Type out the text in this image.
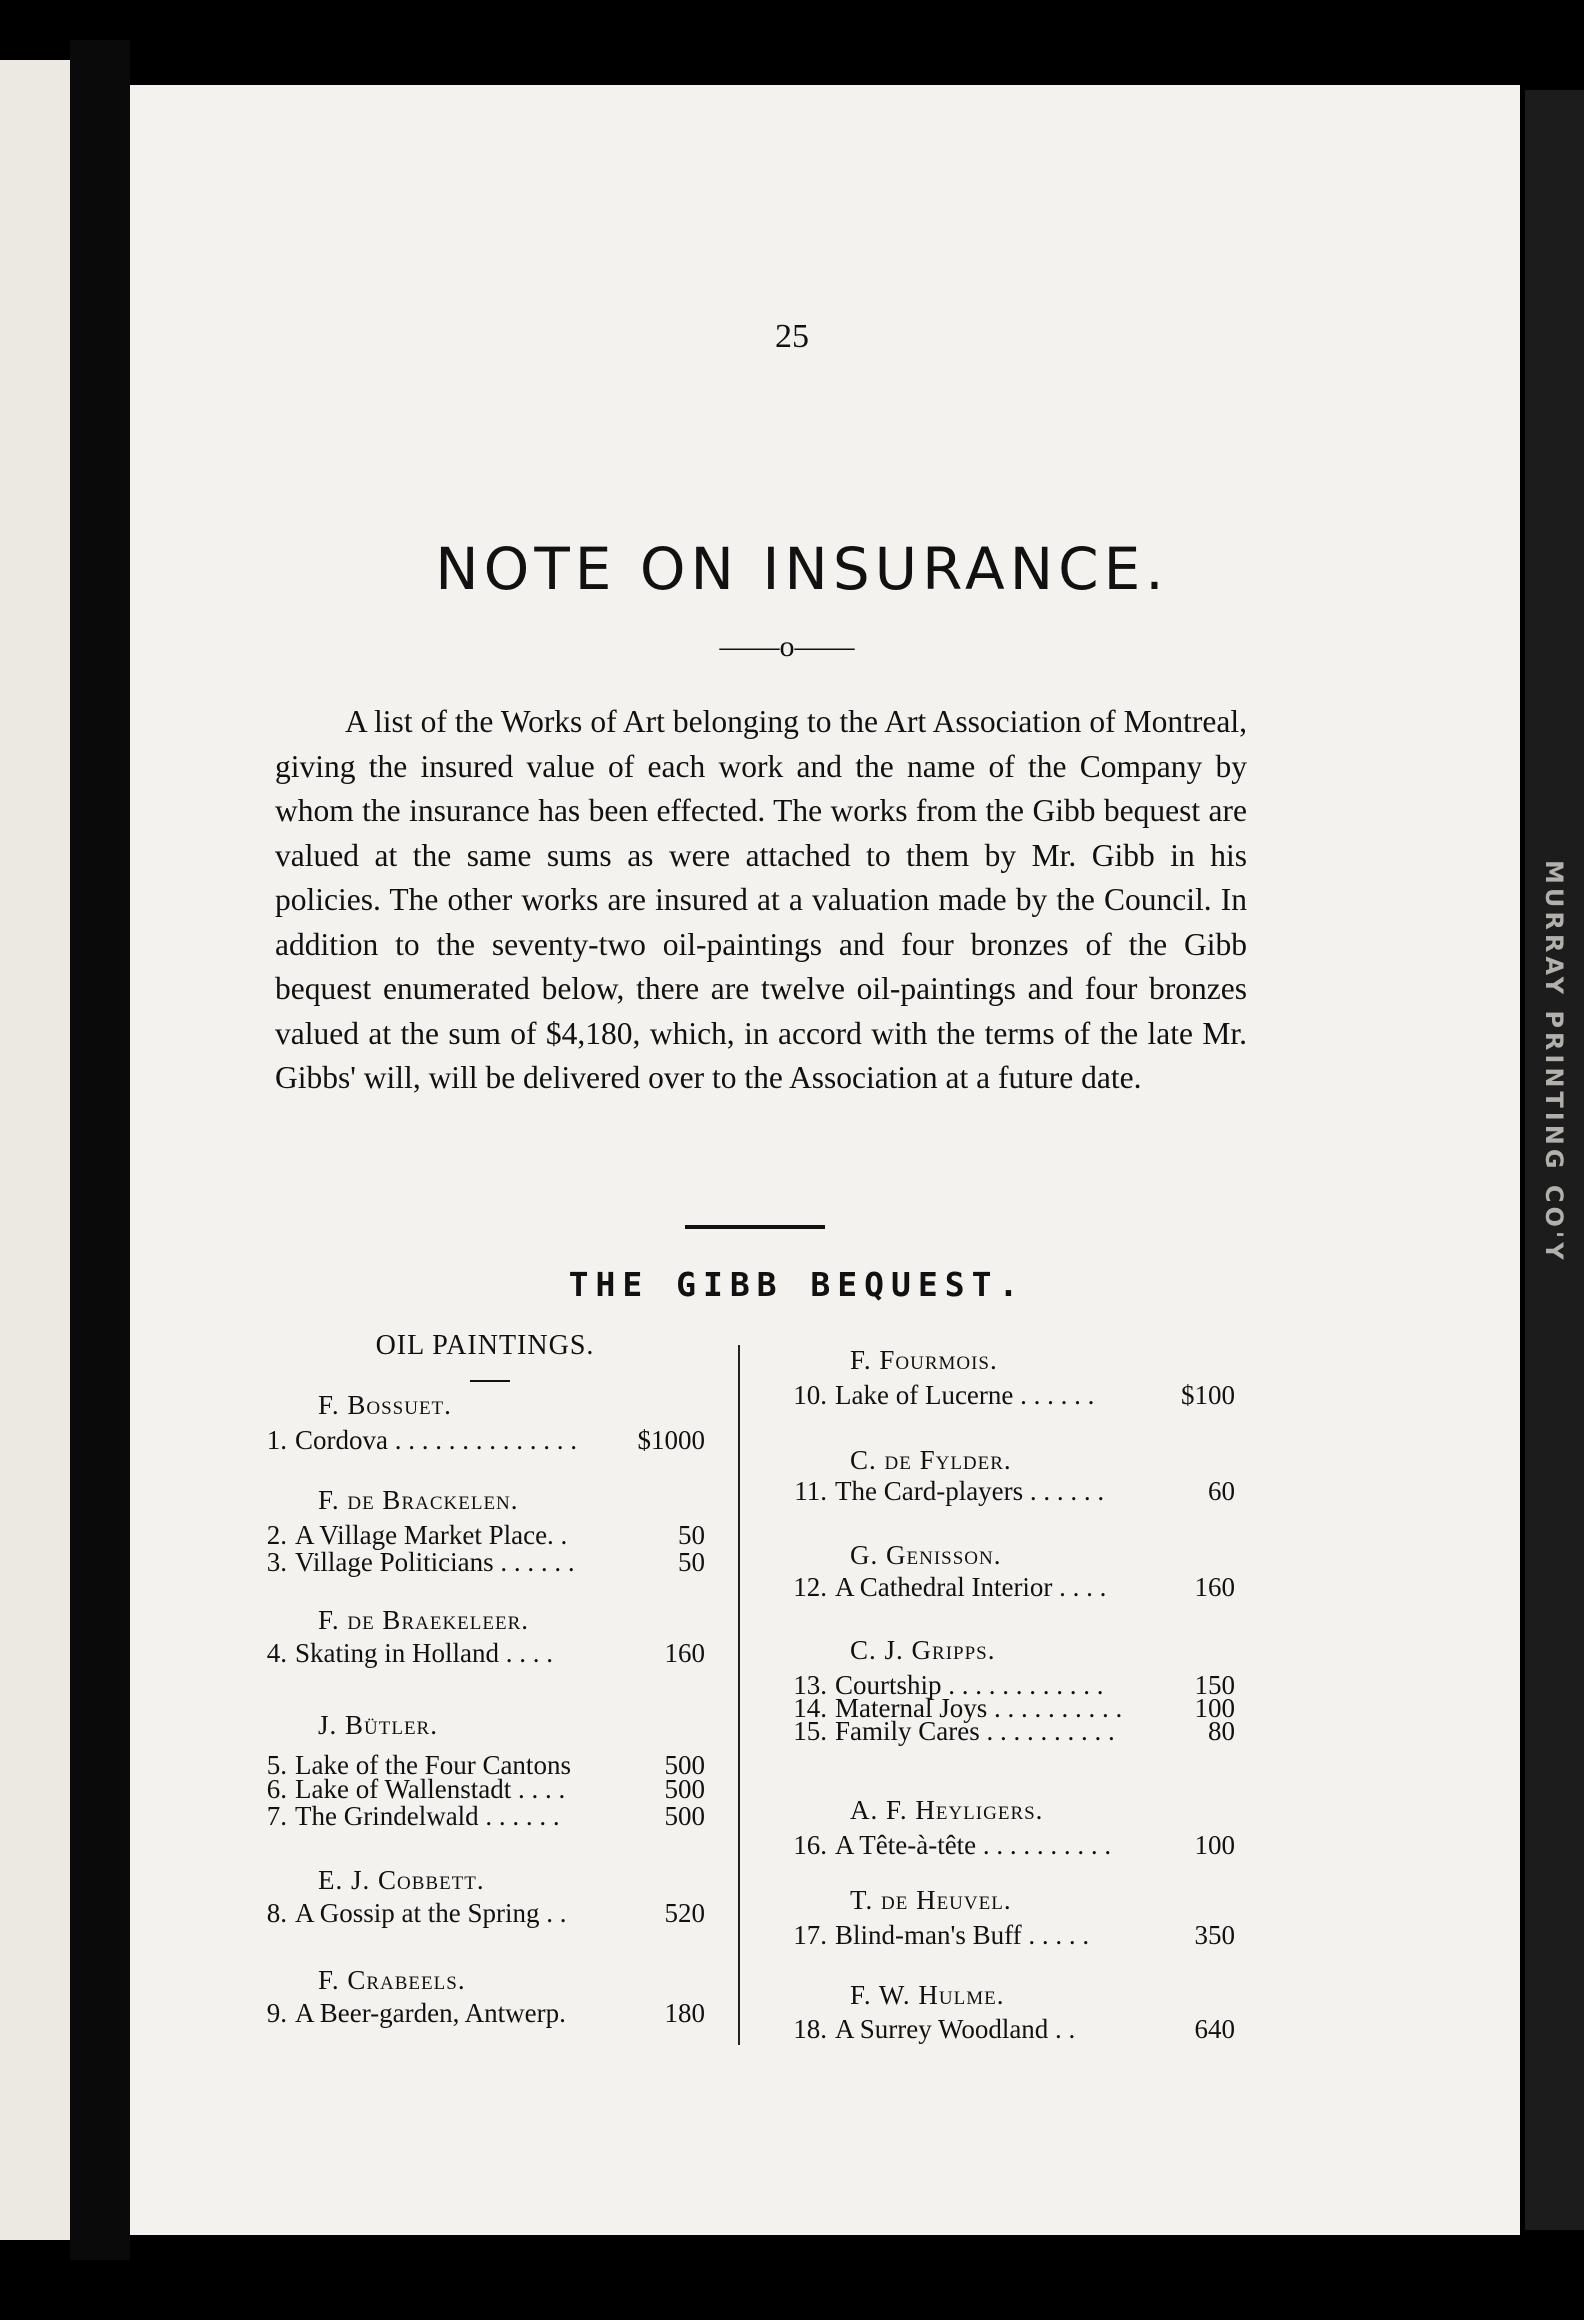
MURRAY PRINTING CO'Y
25
NOTE ON INSURANCE.
——o——
A list of the Works of Art belonging to the Art Association of Montreal, giving the insured value of each work and the name of the Company by whom the insurance has been effected. The works from the Gibb bequest are valued at the same sums as were attached to them by Mr. Gibb in his policies. The other works are insured at a valuation made by the Council. In addition to the seventy-two oil-paintings and four bronzes of the Gibb bequest enumerated below, there are twelve oil-paintings and four bronzes valued at the sum of $4,180, which, in accord with the terms of the late Mr. Gibbs' will, will be delivered over to the Association at a future date.
THE GIBB BEQUEST.
OIL PAINTINGS.
F. Bossuet.
1. Cordova . . . . . . . . . . . . . . $1000
F. de Brackelen.
2. A Village Market Place. .	50
3. Village Politicians . . . . . .	50
F. de Braekeleer.
4. Skating in Holland . . . .	160
J. Bütler.
5. Lake of the Four Cantons	500
6. Lake of Wallenstadt . . . .	500
7. The Grindelwald . . . . . .	500
E. J. Cobbett.
8. A Gossip at the Spring . .	520
F. Crabeels.
9. A Beer-garden, Antwerp.	180
F. Fourmois.
10. Lake of Lucerne . . . . . .	$100
C. de Fylder.
11. The Card-players . . . . . .	60
G. Genisson.
12. A Cathedral Interior . . . .	160
C. J. Gripps.
13. Courtship . . . . . . . . . . . .	150
14. Maternal Joys . . . . . . . . . .	100
15. Family Cares . . . . . . . . . .	80
A. F. Heyligers.
16. A Tête-à-tête . . . . . . . . . .	100
T. de Heuvel.
17. Blind-man's Buff . . . . .	350
F. W. Hulme.
18. A Surrey Woodland . .	640
